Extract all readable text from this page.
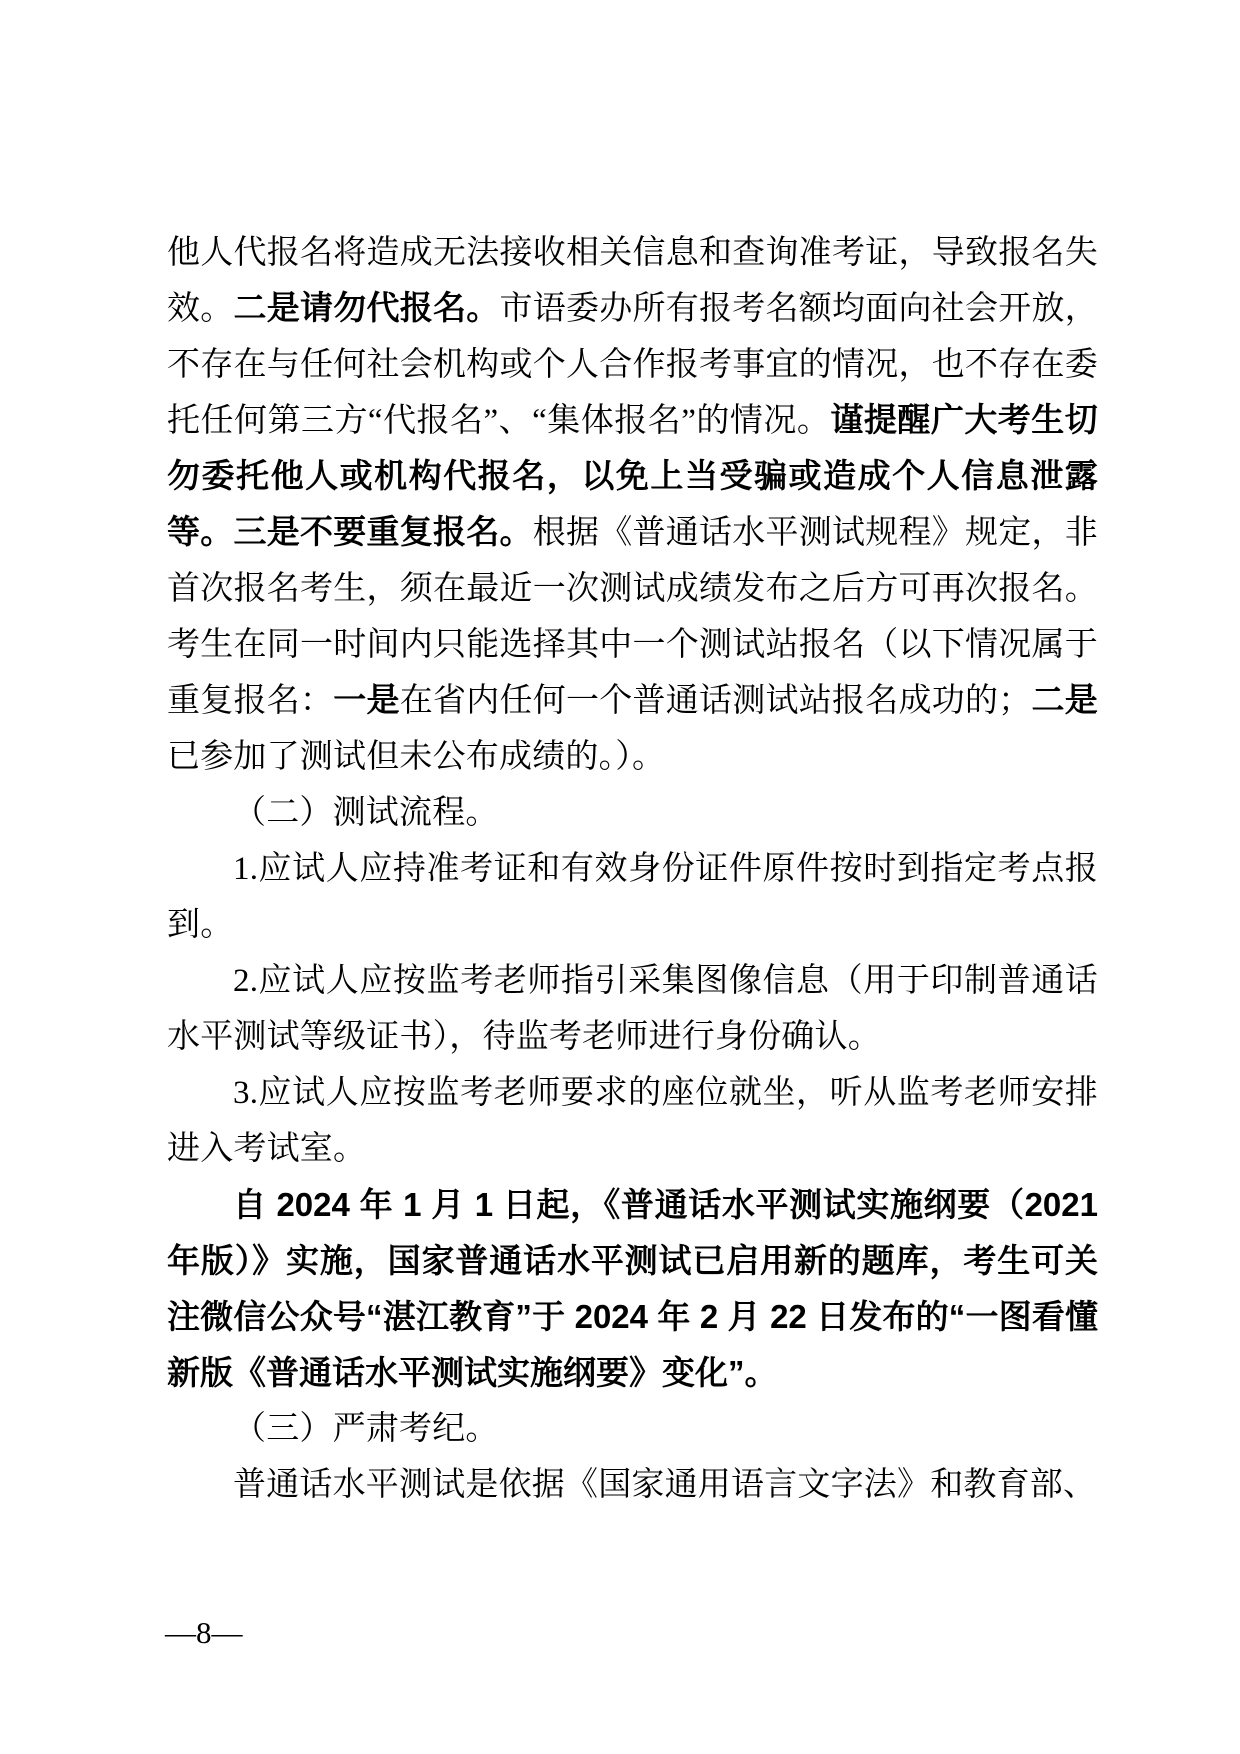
他人代报名将造成无法接收相关信息和查询准考证，导致报名失效。二是请勿代报名。市语委办所有报考名额均面向社会开放，不存在与任何社会机构或个人合作报考事宜的情况，也不存在委托任何第三方“代报名”、“集体报名”的情况。谨提醒广大考生切勿委托他人或机构代报名，以免上当受骗或造成个人信息泄露等。三是不要重复报名。根据《普通话水平测试规程》规定，非首次报名考生，须在最近一次测试成绩发布之后方可再次报名。考生在同一时间内只能选择其中一个测试站报名（以下情况属于重复报名：一是在省内任何一个普通话测试站报名成功的；二是已参加了测试但未公布成绩的。）。

（二）测试流程。

1.应试人应持准考证和有效身份证件原件按时到指定考点报到。

2.应试人应按监考老师指引采集图像信息（用于印制普通话水平测试等级证书），待监考老师进行身份确认。

3.应试人应按监考老师要求的座位就坐，听从监考老师安排进入考试室。

自 2024 年 1 月 1 日起，《普通话水平测试实施纲要（2021年版）》实施，国家普通话水平测试已启用新的题库，考生可关注微信公众号“湛江教育”于 2024 年 2 月 22 日发布的“一图看懂新版《普通话水平测试实施纲要》变化”。

（三）严肃考纪。

普通话水平测试是依据《国家通用语言文字法》和教育部、

—8—
